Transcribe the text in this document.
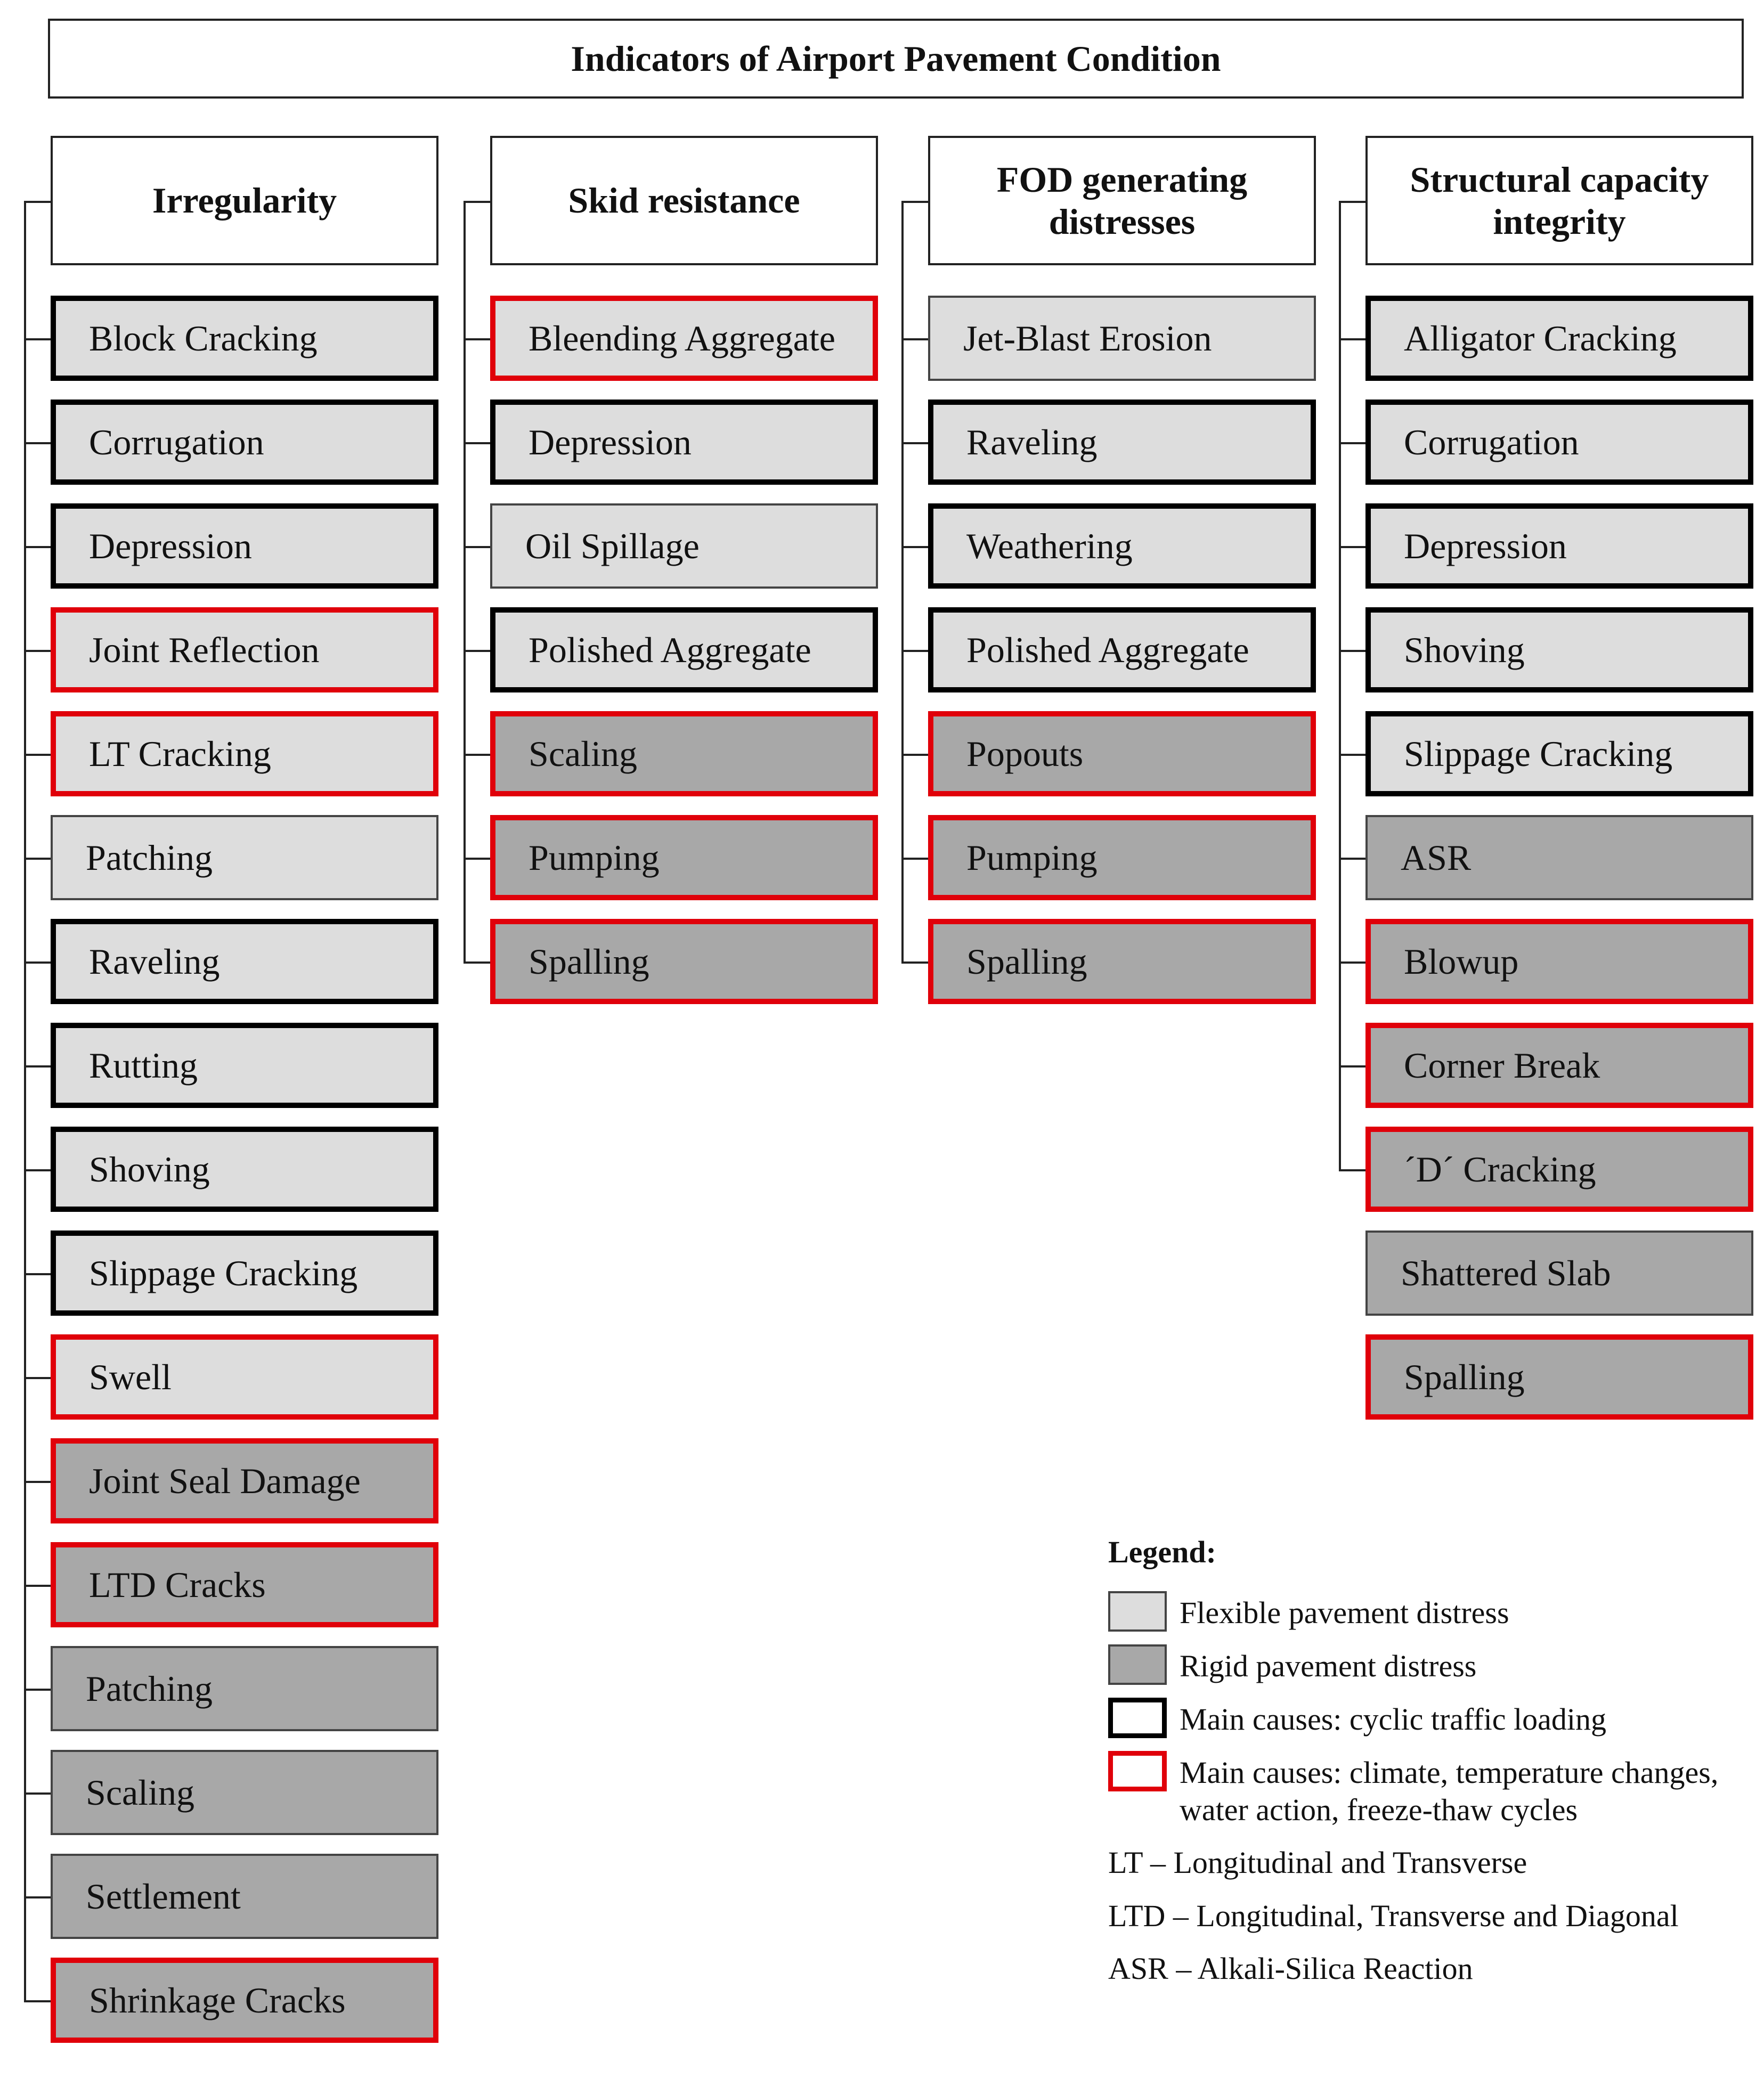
Indicators of Airport Pavement Condition
Irregularity
Block Cracking
Corrugation
Depression
Joint Reflection
LT Cracking
Patching
Raveling
Rutting
Shoving
Slippage Cracking
Swell
Joint Seal Damage
LTD Cracks
Patching
Scaling
Settlement
Shrinkage Cracks
Skid resistance
Bleending Aggregate
Depression
Oil Spillage
Polished Aggregate
Scaling
Pumping
Spalling
FOD generating distresses
Jet-Blast Erosion
Raveling
Weathering
Polished Aggregate
Popouts
Pumping
Spalling
Structural capacity integrity
Alligator Cracking
Corrugation
Depression
Shoving
Slippage Cracking
ASR
Blowup
Corner Break
´D´ Cracking
Shattered Slab
Spalling
Legend:
Flexible pavement distress
Rigid pavement distress
Main causes: cyclic traffic loading
Main causes: climate, temperature changes, water action, freeze-thaw cycles
LT – Longitudinal and Transverse
LTD – Longitudinal, Transverse and Diagonal
ASR – Alkali-Silica Reaction
